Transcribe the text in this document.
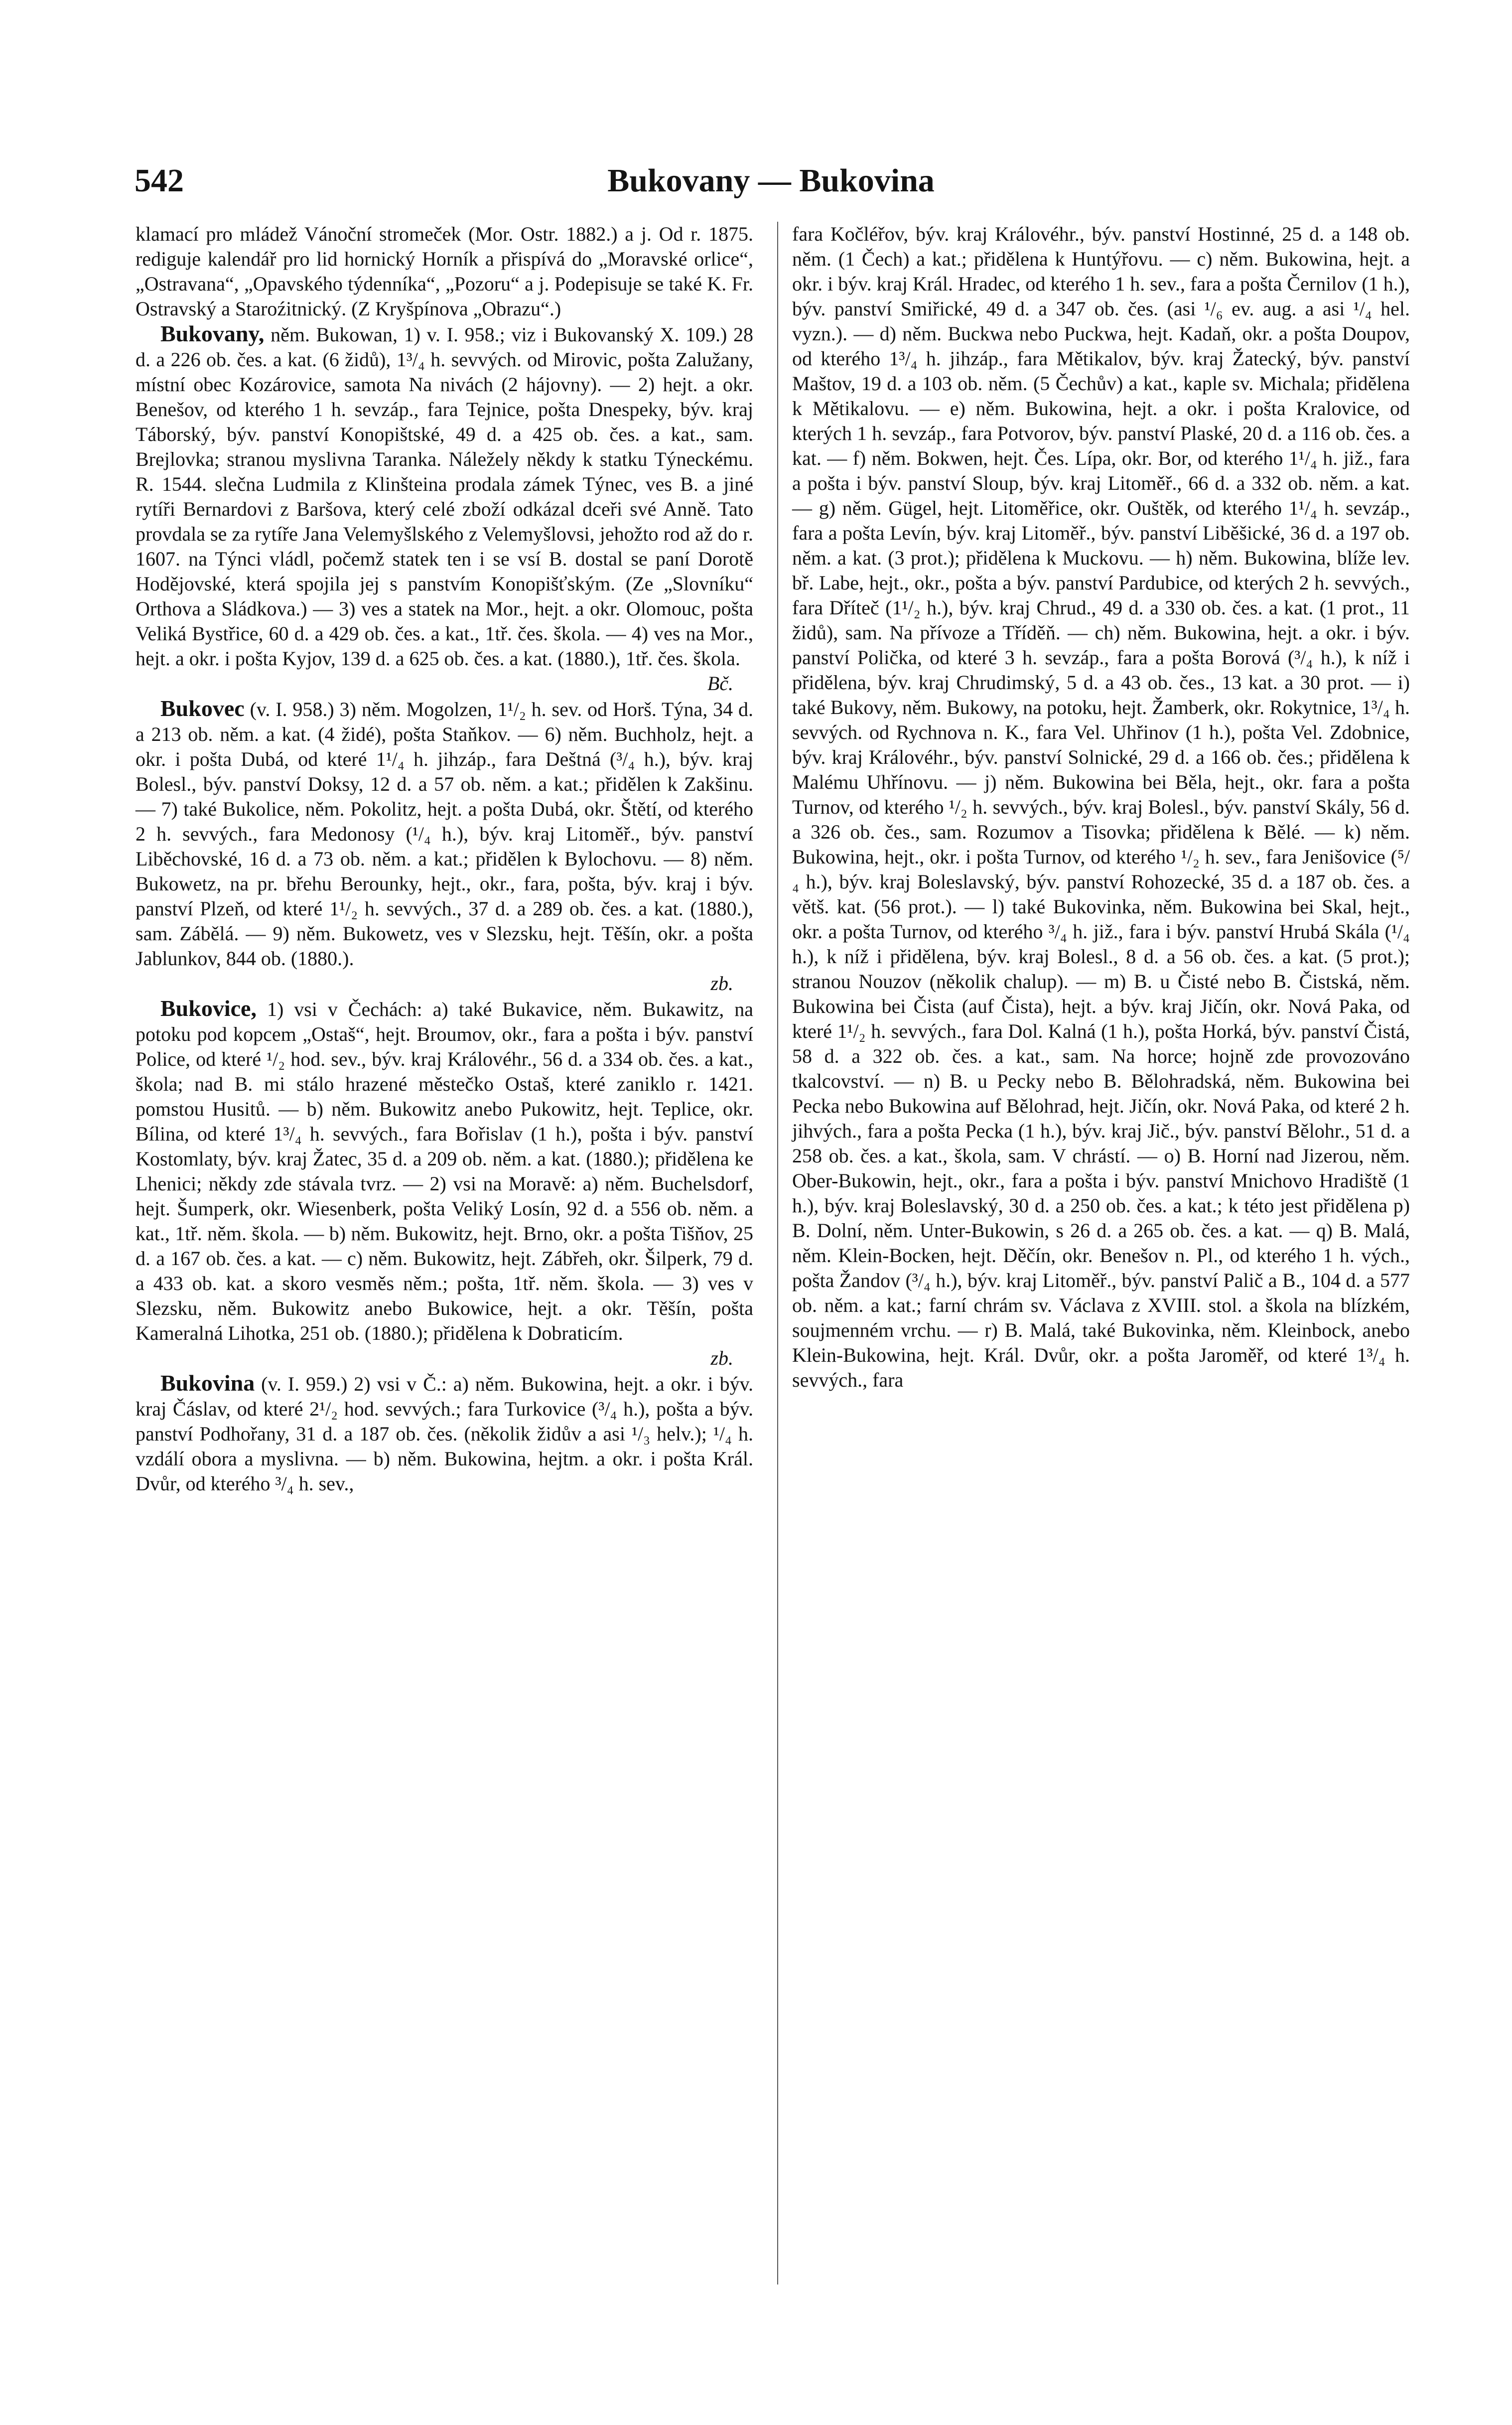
542	Bukovany — Bukovina

klamací pro mládež Vánoční stromeček (Mor. Ostr. 1882.) a j. Od r. 1875. rediguje kalendář pro lid hornický Horník a přispívá do „Moravské orlice“, „Ostravana“, „Opavského týdenníka“, „Pozoru“ a j. Podepisuje se také K. Fr. Ostravský a Staroźitnický. (Z Kryšpínova „Obrazu“.)

Bukovany, něm. Bukowan, 1) v. I. 958.; viz i Bukovanský X. 109.) 28 d. a 226 ob. čes. a kat. (6 židů), 1³/₄ h. sevvých. od Mirovic, pošta Zalužany, místní obec Kozárovice, samota Na nivách (2 hájovny). — 2) hejt. a okr. Benešov, od kterého 1 h. sevzáp., fara Tejnice, pošta Dnespeky, býv. kraj Táborský, býv. panství Konopištské, 49 d. a 425 ob. čes. a kat., sam. Brejlovka; stranou myslivna Taranka. Náležely někdy k statku Týneckému. R. 1544. slečna Ludmila z Klinšteina prodala zámek Týnec, ves B. a jiné rytíři Bernardovi z Baršova, který celé zboží odkázal dceři své Anně. Tato provdala se za rytíře Jana Velemyšlského z Velemyšlovsi, jehožto rod až do r. 1607. na Týnci vládl, počemž statek ten i se vsí B. dostal se paní Dorotě Hodějovské, která spojila jej s panstvím Konopišťským. (Ze „Slovníku“ Orthova a Sládkova.) — 3) ves a statek na Mor., hejt. a okr. Olomouc, pošta Veliká Bystřice, 60 d. a 429 ob. čes. a kat., 1tř. čes. škola. — 4) ves na Mor., hejt. a okr. i pošta Kyjov, 139 d. a 625 ob. čes. a kat. (1880.), 1tř. čes. škola.
Bč.

Bukovec (v. I. 958.) 3) něm. Mogolzen, 1¹/₂ h. sev. od Horš. Týna, 34 d. a 213 ob. něm. a kat. (4 židé), pošta Staňkov. — 6) něm. Buchholz, hejt. a okr. i pošta Dubá, od které 1¹/₄ h. jihzáp., fara Deštná (³/₄ h.), býv. kraj Bolesl., býv. panství Doksy, 12 d. a 57 ob. něm. a kat.; přidělen k Zakšinu. — 7) také Bukolice, něm. Pokolitz, hejt. a pošta Dubá, okr. Štětí, od kterého 2 h. sevvých., fara Medonosy (¹/₄ h.), býv. kraj Litoměř., býv. panství Liběchovské, 16 d. a 73 ob. něm. a kat.; přidělen k Bylochovu. — 8) něm. Bukowetz, na pr. břehu Berounky, hejt., okr., fara, pošta, býv. kraj i býv. panství Plzeň, od které 1¹/₂ h. sevvých., 37 d. a 289 ob. čes. a kat. (1880.), sam. Zábělá. — 9) něm. Bukowetz, ves v Slezsku, hejt. Těšín, okr. a pošta Jablunkov, 844 ob. (1880.).
zb.

Bukovice, 1) vsi v Čechách: a) také Bukavice, něm. Bukawitz, na potoku pod kopcem „Ostaš“, hejt. Broumov, okr., fara a pošta i býv. panství Police, od které ¹/₂ hod. sev., býv. kraj Královéhr., 56 d. a 334 ob. čes. a kat., škola; nad B. mi stálo hrazené městečko Ostaš, které zaniklo r. 1421. pomstou Husitů. — b) něm. Bukowitz anebo Pukowitz, hejt. Teplice, okr. Bílina, od které 1³/₄ h. sevvých., fara Bořislav (1 h.), pošta i býv. panství Kostomlaty, býv. kraj Žatec, 35 d. a 209 ob. něm. a kat. (1880.); přidělena ke Lhenici; někdy zde stávala tvrz. — 2) vsi na Moravě: a) něm. Buchelsdorf, hejt. Šumperk, okr. Wiesenberk, pošta Veliký Losín, 92 d. a 556 ob. něm. a kat., 1tř. něm. škola. — b) něm. Bukowitz, hejt. Brno, okr. a pošta Tišňov, 25 d. a 167 ob. čes. a kat. — c) něm. Bukowitz, hejt. Zábřeh, okr. Šilperk, 79 d. a 433 ob. kat. a skoro vesměs něm.; pošta, 1tř. něm. škola. — 3) ves v Slezsku, něm. Bukowitz anebo Bukowice, hejt. a okr. Těšín, pošta Kameralná Lihotka, 251 ob. (1880.); přidělena k Dobraticím.
zb.

Bukovina (v. I. 959.) 2) vsi v Č.: a) něm. Bukowina, hejt. a okr. i býv. kraj Čáslav, od které 2¹/₂ hod. sevvých.; fara Turkovice (³/₄ h.), pošta a býv. panství Podhořany, 31 d. a 187 ob. čes. (několik židův a asi ¹/₃ helv.); ¹/₄ h. vzdálí obora a myslivna. — b) něm. Bukowina, hejtm. a okr. i pošta Král. Dvůr, od kterého ³/₄ h. sev.,

fara Kočléřov, býv. kraj Královéhr., býv. panství Hostinné, 25 d. a 148 ob. něm. (1 Čech) a kat.; přidělena k Huntýřovu. — c) něm. Bukowina, hejt. a okr. i býv. kraj Král. Hradec, od kterého 1 h. sev., fara a pošta Černilov (1 h.), býv. panství Smiřické, 49 d. a 347 ob. čes. (asi ¹/₆ ev. aug. a asi ¹/₄ hel. vyzn.). — d) něm. Buckwa nebo Puckwa, hejt. Kadaň, okr. a pošta Doupov, od kterého 1³/₄ h. jihzáp., fara Mětikalov, býv. kraj Žatecký, býv. panství Maštov, 19 d. a 103 ob. něm. (5 Čechův) a kat., kaple sv. Michala; přidělena k Mětikalovu. — e) něm. Bukowina, hejt. a okr. i pošta Kralovice, od kterých 1 h. sevzáp., fara Potvorov, býv. panství Plaské, 20 d. a 116 ob. čes. a kat. — f) něm. Bokwen, hejt. Čes. Lípa, okr. Bor, od kterého 1¹/₄ h. již., fara a pošta i býv. panství Sloup, býv. kraj Litoměř., 66 d. a 332 ob. něm. a kat. — g) něm. Gügel, hejt. Litoměřice, okr. Ouštěk, od kterého 1¹/₄ h. sevzáp., fara a pošta Levín, býv. kraj Litoměř., býv. panství Liběšické, 36 d. a 197 ob. něm. a kat. (3 prot.); přidělena k Muckovu. — h) něm. Bukowina, blíže lev. bř. Labe, hejt., okr., pošta a býv. panství Pardubice, od kterých 2 h. sevvých., fara Dříteč (1¹/₂ h.), býv. kraj Chrud., 49 d. a 330 ob. čes. a kat. (1 prot., 11 židů), sam. Na přívoze a Tříděň. — ch) něm. Bukowina, hejt. a okr. i býv. panství Polička, od které 3 h. sevzáp., fara a pošta Borová (³/₄ h.), k níž i přidělena, býv. kraj Chrudimský, 5 d. a 43 ob. čes., 13 kat. a 30 prot. — i) také Bukovy, něm. Bukowy, na potoku, hejt. Žamberk, okr. Rokytnice, 1³/₄ h. sevvých. od Rychnova n. K., fara Vel. Uhřinov (1 h.), pošta Vel. Zdobnice, býv. kraj Královéhr., býv. panství Solnické, 29 d. a 166 ob. čes.; přidělena k Malému Uhřínovu. — j) něm. Bukowina bei Běla, hejt., okr. fara a pošta Turnov, od kterého ¹/₂ h. sevvých., býv. kraj Bolesl., býv. panství Skály, 56 d. a 326 ob. čes., sam. Rozumov a Tisovka; přidělena k Bělé. — k) něm. Bukowina, hejt., okr. i pošta Turnov, od kterého ¹/₂ h. sev., fara Jenišovice (⁵/₄ h.), býv. kraj Boleslavský, býv. panství Rohozecké, 35 d. a 187 ob. čes. a větš. kat. (56 prot.). — l) také Bukovinka, něm. Bukowina bei Skal, hejt., okr. a pošta Turnov, od kterého ³/₄ h. již., fara i býv. panství Hrubá Skála (¹/₄ h.), k níž i přidělena, býv. kraj Bolesl., 8 d. a 56 ob. čes. a kat. (5 prot.); stranou Nouzov (několik chalup). — m) B. u Čisté nebo B. Čistská, něm. Bukowina bei Čista (auf Čista), hejt. a býv. kraj Jičín, okr. Nová Paka, od které 1¹/₂ h. sevvých., fara Dol. Kalná (1 h.), pošta Horká, býv. panství Čistá, 58 d. a 322 ob. čes. a kat., sam. Na horce; hojně zde provozováno tkalcovství. — n) B. u Pecky nebo B. Bělohradská, něm. Bukowina bei Pecka nebo Bukowina auf Bělohrad, hejt. Jičín, okr. Nová Paka, od které 2 h. jihvých., fara a pošta Pecka (1 h.), býv. kraj Jič., býv. panství Bělohr., 51 d. a 258 ob. čes. a kat., škola, sam. V chrástí. — o) B. Horní nad Jizerou, něm. Ober-Bukowin, hejt., okr., fara a pošta i býv. panství Mnichovo Hradiště (1 h.), býv. kraj Boleslavský, 30 d. a 250 ob. čes. a kat.; k této jest přidělena p) B. Dolní, něm. Unter-Bukowin, s 26 d. a 265 ob. čes. a kat. — q) B. Malá, něm. Klein-Bocken, hejt. Děčín, okr. Benešov n. Pl., od kterého 1 h. vých., pošta Žandov (³/₄ h.), býv. kraj Litoměř., býv. panství Palič a B., 104 d. a 577 ob. něm. a kat.; farní chrám sv. Václava z XVIII. stol. a škola na blízkém, soujmenném vrchu. — r) B. Malá, také Bukovinka, něm. Kleinbock, anebo Klein-Bukowina, hejt. Král. Dvůr, okr. a pošta Jaroměř, od které 1³/₄ h. sevvých., fara
